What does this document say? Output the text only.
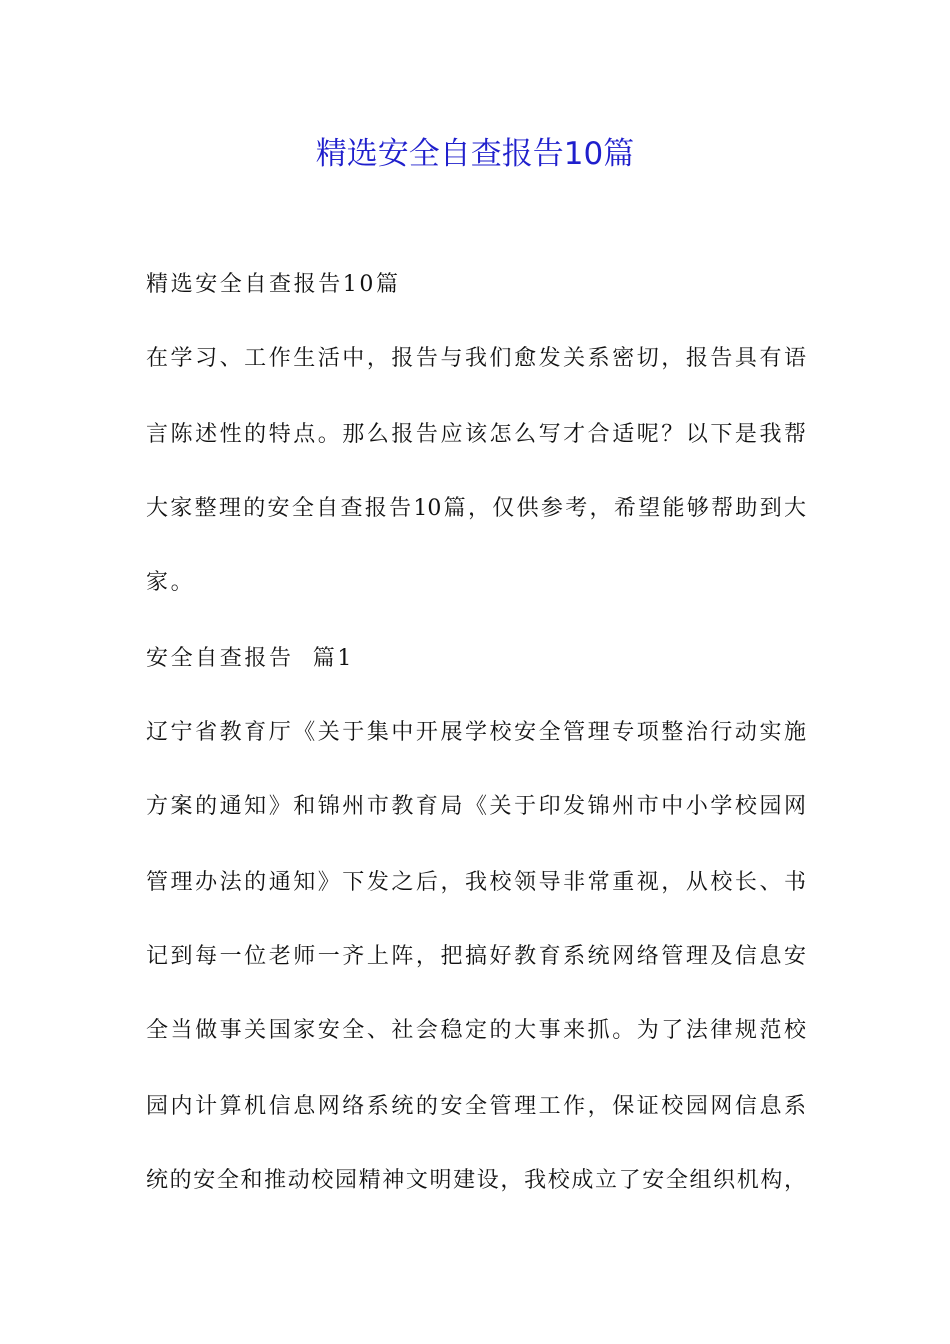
精选安全自查报告10篇

精选安全自查报告10篇

在学习、工作生活中，报告与我们愈发关系密切，报告具有语

言陈述性的特点。那么报告应该怎么写才合适呢？以下是我帮

大家整理的安全自查报告10篇，仅供参考，希望能够帮助到大

家。

安全自查报告  篇1

辽宁省教育厅《关于集中开展学校安全管理专项整治行动实施

方案的通知》和锦州市教育局《关于印发锦州市中小学校园网

管理办法的通知》下发之后，我校领导非常重视，从校长、书

记到每一位老师一齐上阵，把搞好教育系统网络管理及信息安

全当做事关国家安全、社会稳定的大事来抓。为了法律规范校

园内计算机信息网络系统的安全管理工作，保证校园网信息系

统的安全和推动校园精神文明建设，我校成立了安全组织机构，
